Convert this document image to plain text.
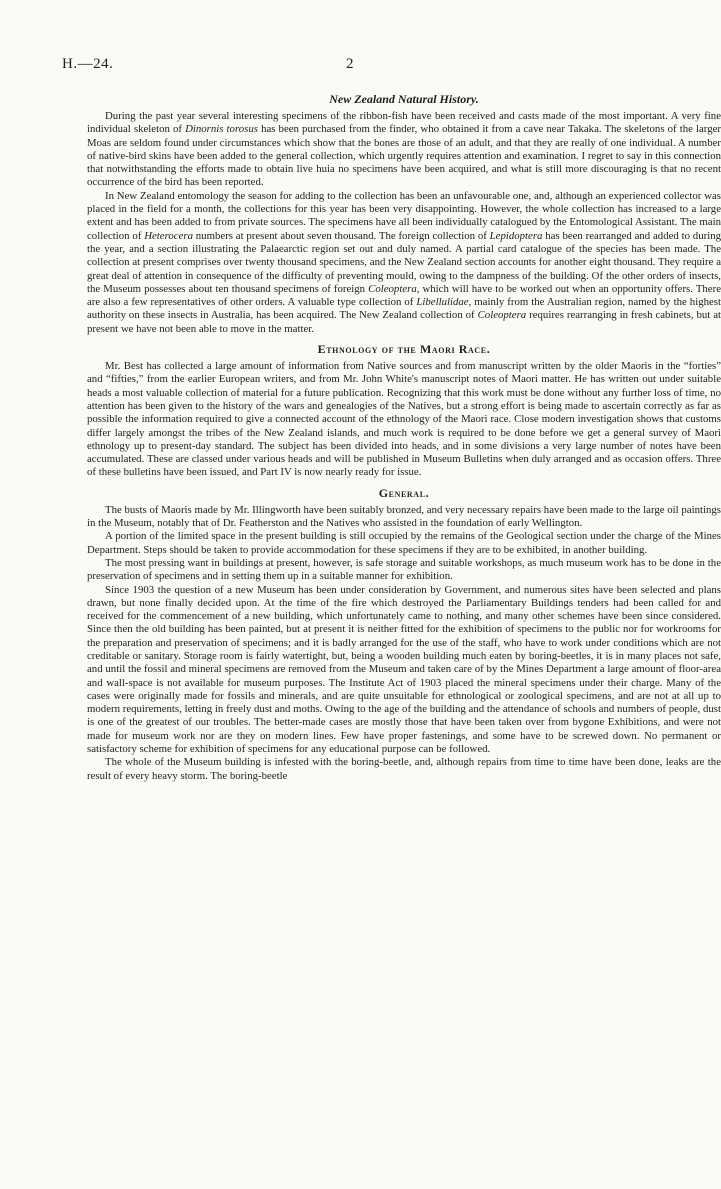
H.—24.	2
New Zealand Natural History.

During the past year several interesting specimens of the ribbon-fish have been received and casts made of the most important. A very fine individual skeleton of Dinornis torosus has been purchased from the finder, who obtained it from a cave near Takaka. The skeletons of the larger Moas are seldom found under circumstances which show that the bones are those of an adult, and that they are really of one individual. A number of native-bird skins have been added to the general collection, which urgently requires attention and examination. I regret to say in this connection that notwithstanding the efforts made to obtain live huia no specimens have been acquired, and what is still more discouraging is that no recent occurrence of the bird has been reported.

In New Zealand entomology the season for adding to the collection has been an unfavourable one, and, although an experienced collector was placed in the field for a month, the collections for this year has been very disappointing. However, the whole collection has increased to a large extent and has been added to from private sources. The specimens have all been individually catalogued by the Entomological Assistant. The main collection of Heterocera numbers at present about seven thousand. The foreign collection of Lepidoptera has been rearranged and added to during the year, and a section illustrating the Palaearctic region set out and duly named. A partial card catalogue of the species has been made. The collection at present comprises over twenty thousand specimens, and the New Zealand section accounts for another eight thousand. They require a great deal of attention in consequence of the difficulty of preventing mould, owing to the dampness of the building. Of the other orders of insects, the Museum possesses about ten thousand specimens of foreign Coleoptera, which will have to be worked out when an opportunity offers. There are also a few representatives of other orders. A valuable type collection of Libellulidae, mainly from the Australian region, named by the highest authority on these insects in Australia, has been acquired. The New Zealand collection of Coleoptera requires rearranging in fresh cabinets, but at present we have not been able to move in the matter.

Ethnology of the Maori Race.

Mr. Best has collected a large amount of information from Native sources and from manuscript written by the older Maoris in the “forties” and “fifties,” from the earlier European writers, and from Mr. John White's manuscript notes of Maori matter. He has written out under suitable heads a most valuable collection of material for a future publication. Recognizing that this work must be done without any further loss of time, no attention has been given to the history of the wars and genealogies of the Natives, but a strong effort is being made to ascertain correctly as far as possible the information required to give a connected account of the ethnology of the Maori race. Close modern investigation shows that customs differ largely amongst the tribes of the New Zealand islands, and much work is required to be done before we get a general survey of Maori ethnology up to present-day standard. The subject has been divided into heads, and in some divisions a very large number of notes have been accumulated. These are classed under various heads and will be published in Museum Bulletins when duly arranged and as occasion offers. Three of these bulletins have been issued, and Part IV is now nearly ready for issue.

General.

The busts of Maoris made by Mr. Illingworth have been suitably bronzed, and very necessary repairs have been made to the large oil paintings in the Museum, notably that of Dr. Featherston and the Natives who assisted in the foundation of early Wellington.

A portion of the limited space in the present building is still occupied by the remains of the Geological section under the charge of the Mines Department. Steps should be taken to provide accommodation for these specimens if they are to be exhibited, in another building.

The most pressing want in buildings at present, however, is safe storage and suitable workshops, as much museum work has to be done in the preservation of specimens and in setting them up in a suitable manner for exhibition.

Since 1903 the question of a new Museum has been under consideration by Government, and numerous sites have been selected and plans drawn, but none finally decided upon. At the time of the fire which destroyed the Parliamentary Buildings tenders had been called for and received for the commencement of a new building, which unfortunately came to nothing, and many other schemes have been since considered. Since then the old building has been painted, but at present it is neither fitted for the exhibition of specimens to the public nor for workrooms for the preparation and preservation of specimens; and it is badly arranged for the use of the staff, who have to work under conditions which are not creditable or sanitary. Storage room is fairly watertight, but, being a wooden building much eaten by boring-beetles, it is in many places not safe, and until the fossil and mineral specimens are removed from the Museum and taken care of by the Mines Department a large amount of floor-area and wall-space is not available for museum purposes. The Institute Act of 1903 placed the mineral specimens under their charge. Many of the cases were originally made for fossils and minerals, and are quite unsuitable for ethnological or zoological specimens, and are not at all up to modern requirements, letting in freely dust and moths. Owing to the age of the building and the attendance of schools and numbers of people, dust is one of the greatest of our troubles. The better-made cases are mostly those that have been taken over from bygone Exhibitions, and were not made for museum work nor are they on modern lines. Few have proper fastenings, and some have to be screwed down. No permanent or satisfactory scheme for exhibition of specimens for any educational purpose can be followed.

The whole of the Museum building is infested with the boring-beetle, and, although repairs from time to time have been done, leaks are the result of every heavy storm. The boring-beetle
